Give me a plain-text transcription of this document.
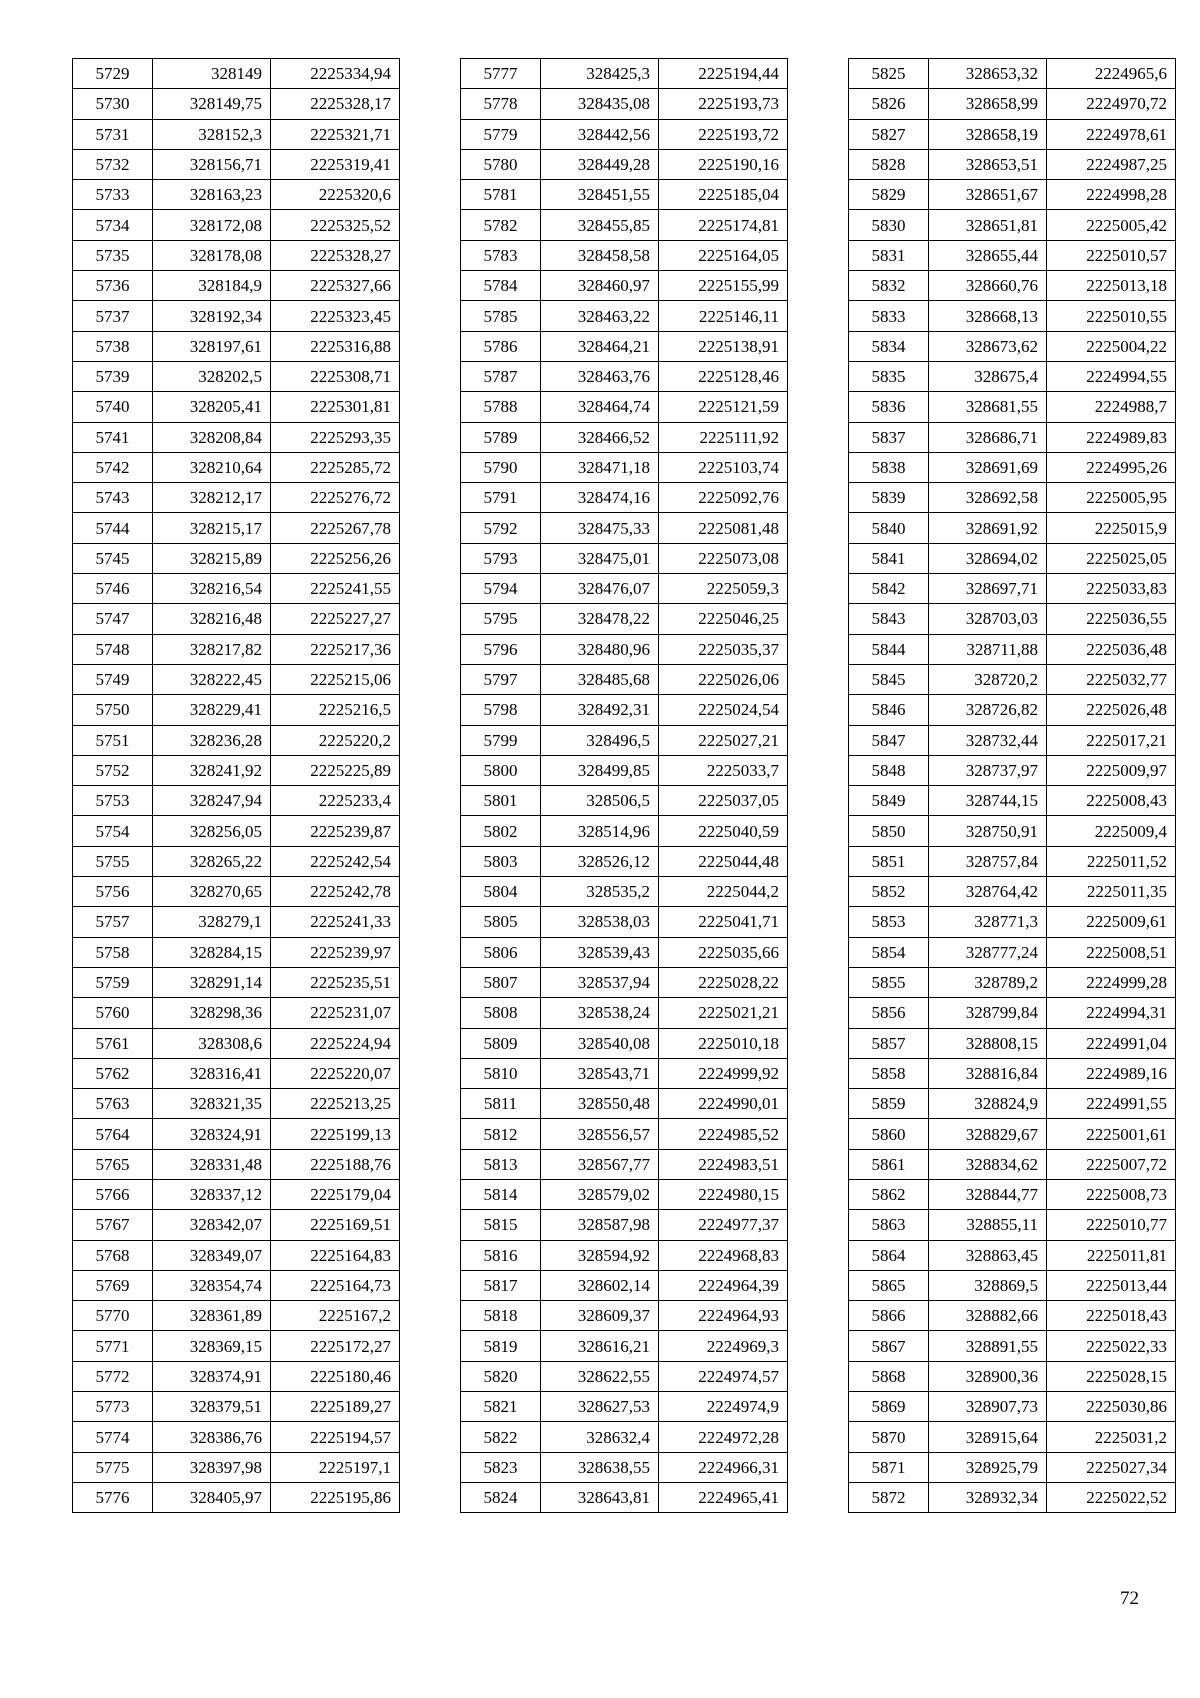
5729	328149	2225334,94
5730	328149,75	2225328,17
5731	328152,3	2225321,71
5732	328156,71	2225319,41
5733	328163,23	2225320,6
5734	328172,08	2225325,52
5735	328178,08	2225328,27
5736	328184,9	2225327,66
5737	328192,34	2225323,45
5738	328197,61	2225316,88
5739	328202,5	2225308,71
5740	328205,41	2225301,81
5741	328208,84	2225293,35
5742	328210,64	2225285,72
5743	328212,17	2225276,72
5744	328215,17	2225267,78
5745	328215,89	2225256,26
5746	328216,54	2225241,55
5747	328216,48	2225227,27
5748	328217,82	2225217,36
5749	328222,45	2225215,06
5750	328229,41	2225216,5
5751	328236,28	2225220,2
5752	328241,92	2225225,89
5753	328247,94	2225233,4
5754	328256,05	2225239,87
5755	328265,22	2225242,54
5756	328270,65	2225242,78
5757	328279,1	2225241,33
5758	328284,15	2225239,97
5759	328291,14	2225235,51
5760	328298,36	2225231,07
5761	328308,6	2225224,94
5762	328316,41	2225220,07
5763	328321,35	2225213,25
5764	328324,91	2225199,13
5765	328331,48	2225188,76
5766	328337,12	2225179,04
5767	328342,07	2225169,51
5768	328349,07	2225164,83
5769	328354,74	2225164,73
5770	328361,89	2225167,2
5771	328369,15	2225172,27
5772	328374,91	2225180,46
5773	328379,51	2225189,27
5774	328386,76	2225194,57
5775	328397,98	2225197,1
5776	328405,97	2225195,86
5777	328425,3	2225194,44
5778	328435,08	2225193,73
5779	328442,56	2225193,72
5780	328449,28	2225190,16
5781	328451,55	2225185,04
5782	328455,85	2225174,81
5783	328458,58	2225164,05
5784	328460,97	2225155,99
5785	328463,22	2225146,11
5786	328464,21	2225138,91
5787	328463,76	2225128,46
5788	328464,74	2225121,59
5789	328466,52	2225111,92
5790	328471,18	2225103,74
5791	328474,16	2225092,76
5792	328475,33	2225081,48
5793	328475,01	2225073,08
5794	328476,07	2225059,3
5795	328478,22	2225046,25
5796	328480,96	2225035,37
5797	328485,68	2225026,06
5798	328492,31	2225024,54
5799	328496,5	2225027,21
5800	328499,85	2225033,7
5801	328506,5	2225037,05
5802	328514,96	2225040,59
5803	328526,12	2225044,48
5804	328535,2	2225044,2
5805	328538,03	2225041,71
5806	328539,43	2225035,66
5807	328537,94	2225028,22
5808	328538,24	2225021,21
5809	328540,08	2225010,18
5810	328543,71	2224999,92
5811	328550,48	2224990,01
5812	328556,57	2224985,52
5813	328567,77	2224983,51
5814	328579,02	2224980,15
5815	328587,98	2224977,37
5816	328594,92	2224968,83
5817	328602,14	2224964,39
5818	328609,37	2224964,93
5819	328616,21	2224969,3
5820	328622,55	2224974,57
5821	328627,53	2224974,9
5822	328632,4	2224972,28
5823	328638,55	2224966,31
5824	328643,81	2224965,41
5825	328653,32	2224965,6
5826	328658,99	2224970,72
5827	328658,19	2224978,61
5828	328653,51	2224987,25
5829	328651,67	2224998,28
5830	328651,81	2225005,42
5831	328655,44	2225010,57
5832	328660,76	2225013,18
5833	328668,13	2225010,55
5834	328673,62	2225004,22
5835	328675,4	2224994,55
5836	328681,55	2224988,7
5837	328686,71	2224989,83
5838	328691,69	2224995,26
5839	328692,58	2225005,95
5840	328691,92	2225015,9
5841	328694,02	2225025,05
5842	328697,71	2225033,83
5843	328703,03	2225036,55
5844	328711,88	2225036,48
5845	328720,2	2225032,77
5846	328726,82	2225026,48
5847	328732,44	2225017,21
5848	328737,97	2225009,97
5849	328744,15	2225008,43
5850	328750,91	2225009,4
5851	328757,84	2225011,52
5852	328764,42	2225011,35
5853	328771,3	2225009,61
5854	328777,24	2225008,51
5855	328789,2	2224999,28
5856	328799,84	2224994,31
5857	328808,15	2224991,04
5858	328816,84	2224989,16
5859	328824,9	2224991,55
5860	328829,67	2225001,61
5861	328834,62	2225007,72
5862	328844,77	2225008,73
5863	328855,11	2225010,77
5864	328863,45	2225011,81
5865	328869,5	2225013,44
5866	328882,66	2225018,43
5867	328891,55	2225022,33
5868	328900,36	2225028,15
5869	328907,73	2225030,86
5870	328915,64	2225031,2
5871	328925,79	2225027,34
5872	328932,34	2225022,52
72
